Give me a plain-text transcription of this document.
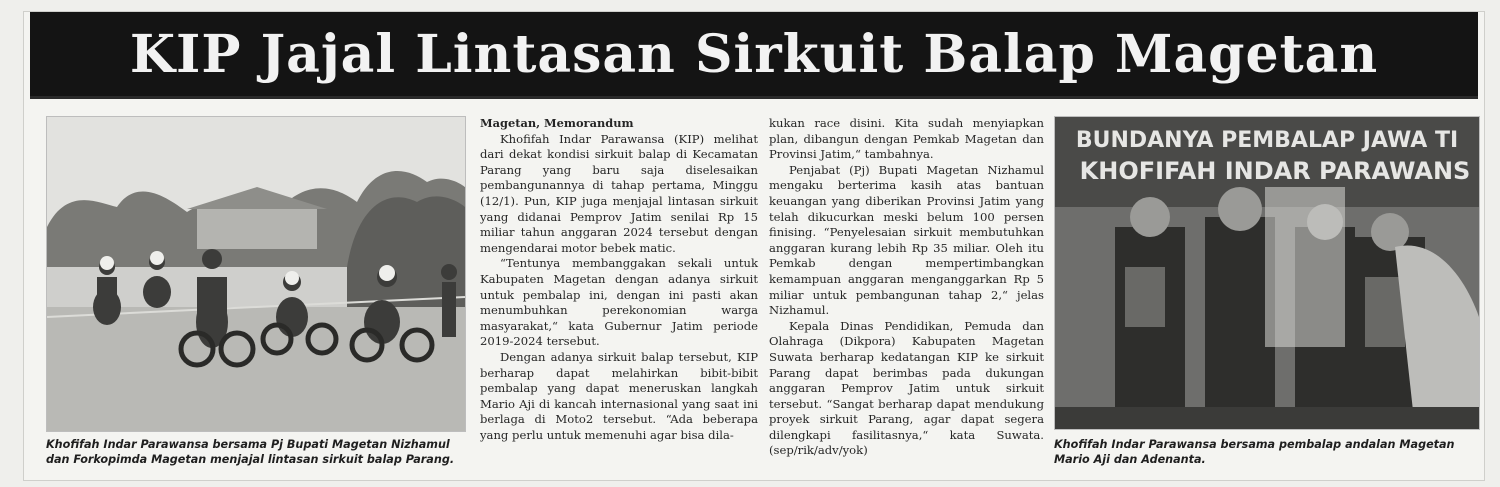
KIP Jajal Lintasan Sirkuit Balap Magetan
Khofifah Indar Parawansa bersama Pj Bupati Magetan Nizhamul dan Forkopimda Magetan menjajal lintasan sirkuit balap Parang.
Magetan, Memorandum

Khofifah Indar Parawansa (KIP) melihat dari dekat kondisi sirkuit balap di Kecamatan Parang yang baru saja diselesaikan pembangunannya di tahap pertama, Minggu (12/1). Pun, KIP juga menjajal lintasan sirkuit yang didanai Pemprov Jatim senilai Rp 15 miliar tahun anggaran 2024 tersebut dengan mengendarai motor bebek matic.

“Tentunya membanggakan sekali untuk Kabupaten Magetan dengan adanya sirkuit untuk pembalap ini, dengan ini pasti akan menumbuhkan perekonomian warga masyarakat,“ kata Gubernur Jatim periode 2019-2024 tersebut.

Dengan adanya sirkuit balap tersebut, KIP berharap dapat melahirkan bibit-bibit pembalap yang dapat meneruskan langkah Mario Aji di kancah internasional yang saat ini berlaga di Moto2 tersebut. “Ada beberapa yang perlu untuk memenuhi agar bisa dila-

kukan race disini. Kita sudah menyiapkan plan, dibangun dengan Pemkab Magetan dan Provinsi Jatim,“ tambahnya.

Penjabat (Pj) Bupati Magetan Nizhamul mengaku berterima kasih atas bantuan keuangan yang diberikan Provinsi Jatim yang telah dikucurkan meski belum 100 persen finising. “Penyelesaian sirkuit membutuhkan anggaran kurang lebih Rp 35 miliar. Oleh itu Pemkab dengan mempertimbangkan kemampuan anggaran menganggarkan Rp 5 miliar untuk pembangunan tahap 2,“ jelas Nizhamul.

Kepala Dinas Pendidikan, Pemuda dan Olahraga (Dikpora) Kabupaten Magetan Suwata berharap kedatangan KIP ke sirkuit Parang dapat berimbas pada dukungan anggaran Pemprov Jatim untuk sirkuit tersebut. “Sangat berharap dapat mendukung proyek sirkuit Parang, agar dapat segera dilengkapi fasilitasnya,“ kata Suwata. (sep/rik/adv/yok)

BUNDANYA PEMBALAP JAWA TI
KHOFIFAH INDAR PARAWANS
Khofifah Indar Parawansa bersama pembalap andalan Magetan Mario Aji dan Adenanta.
